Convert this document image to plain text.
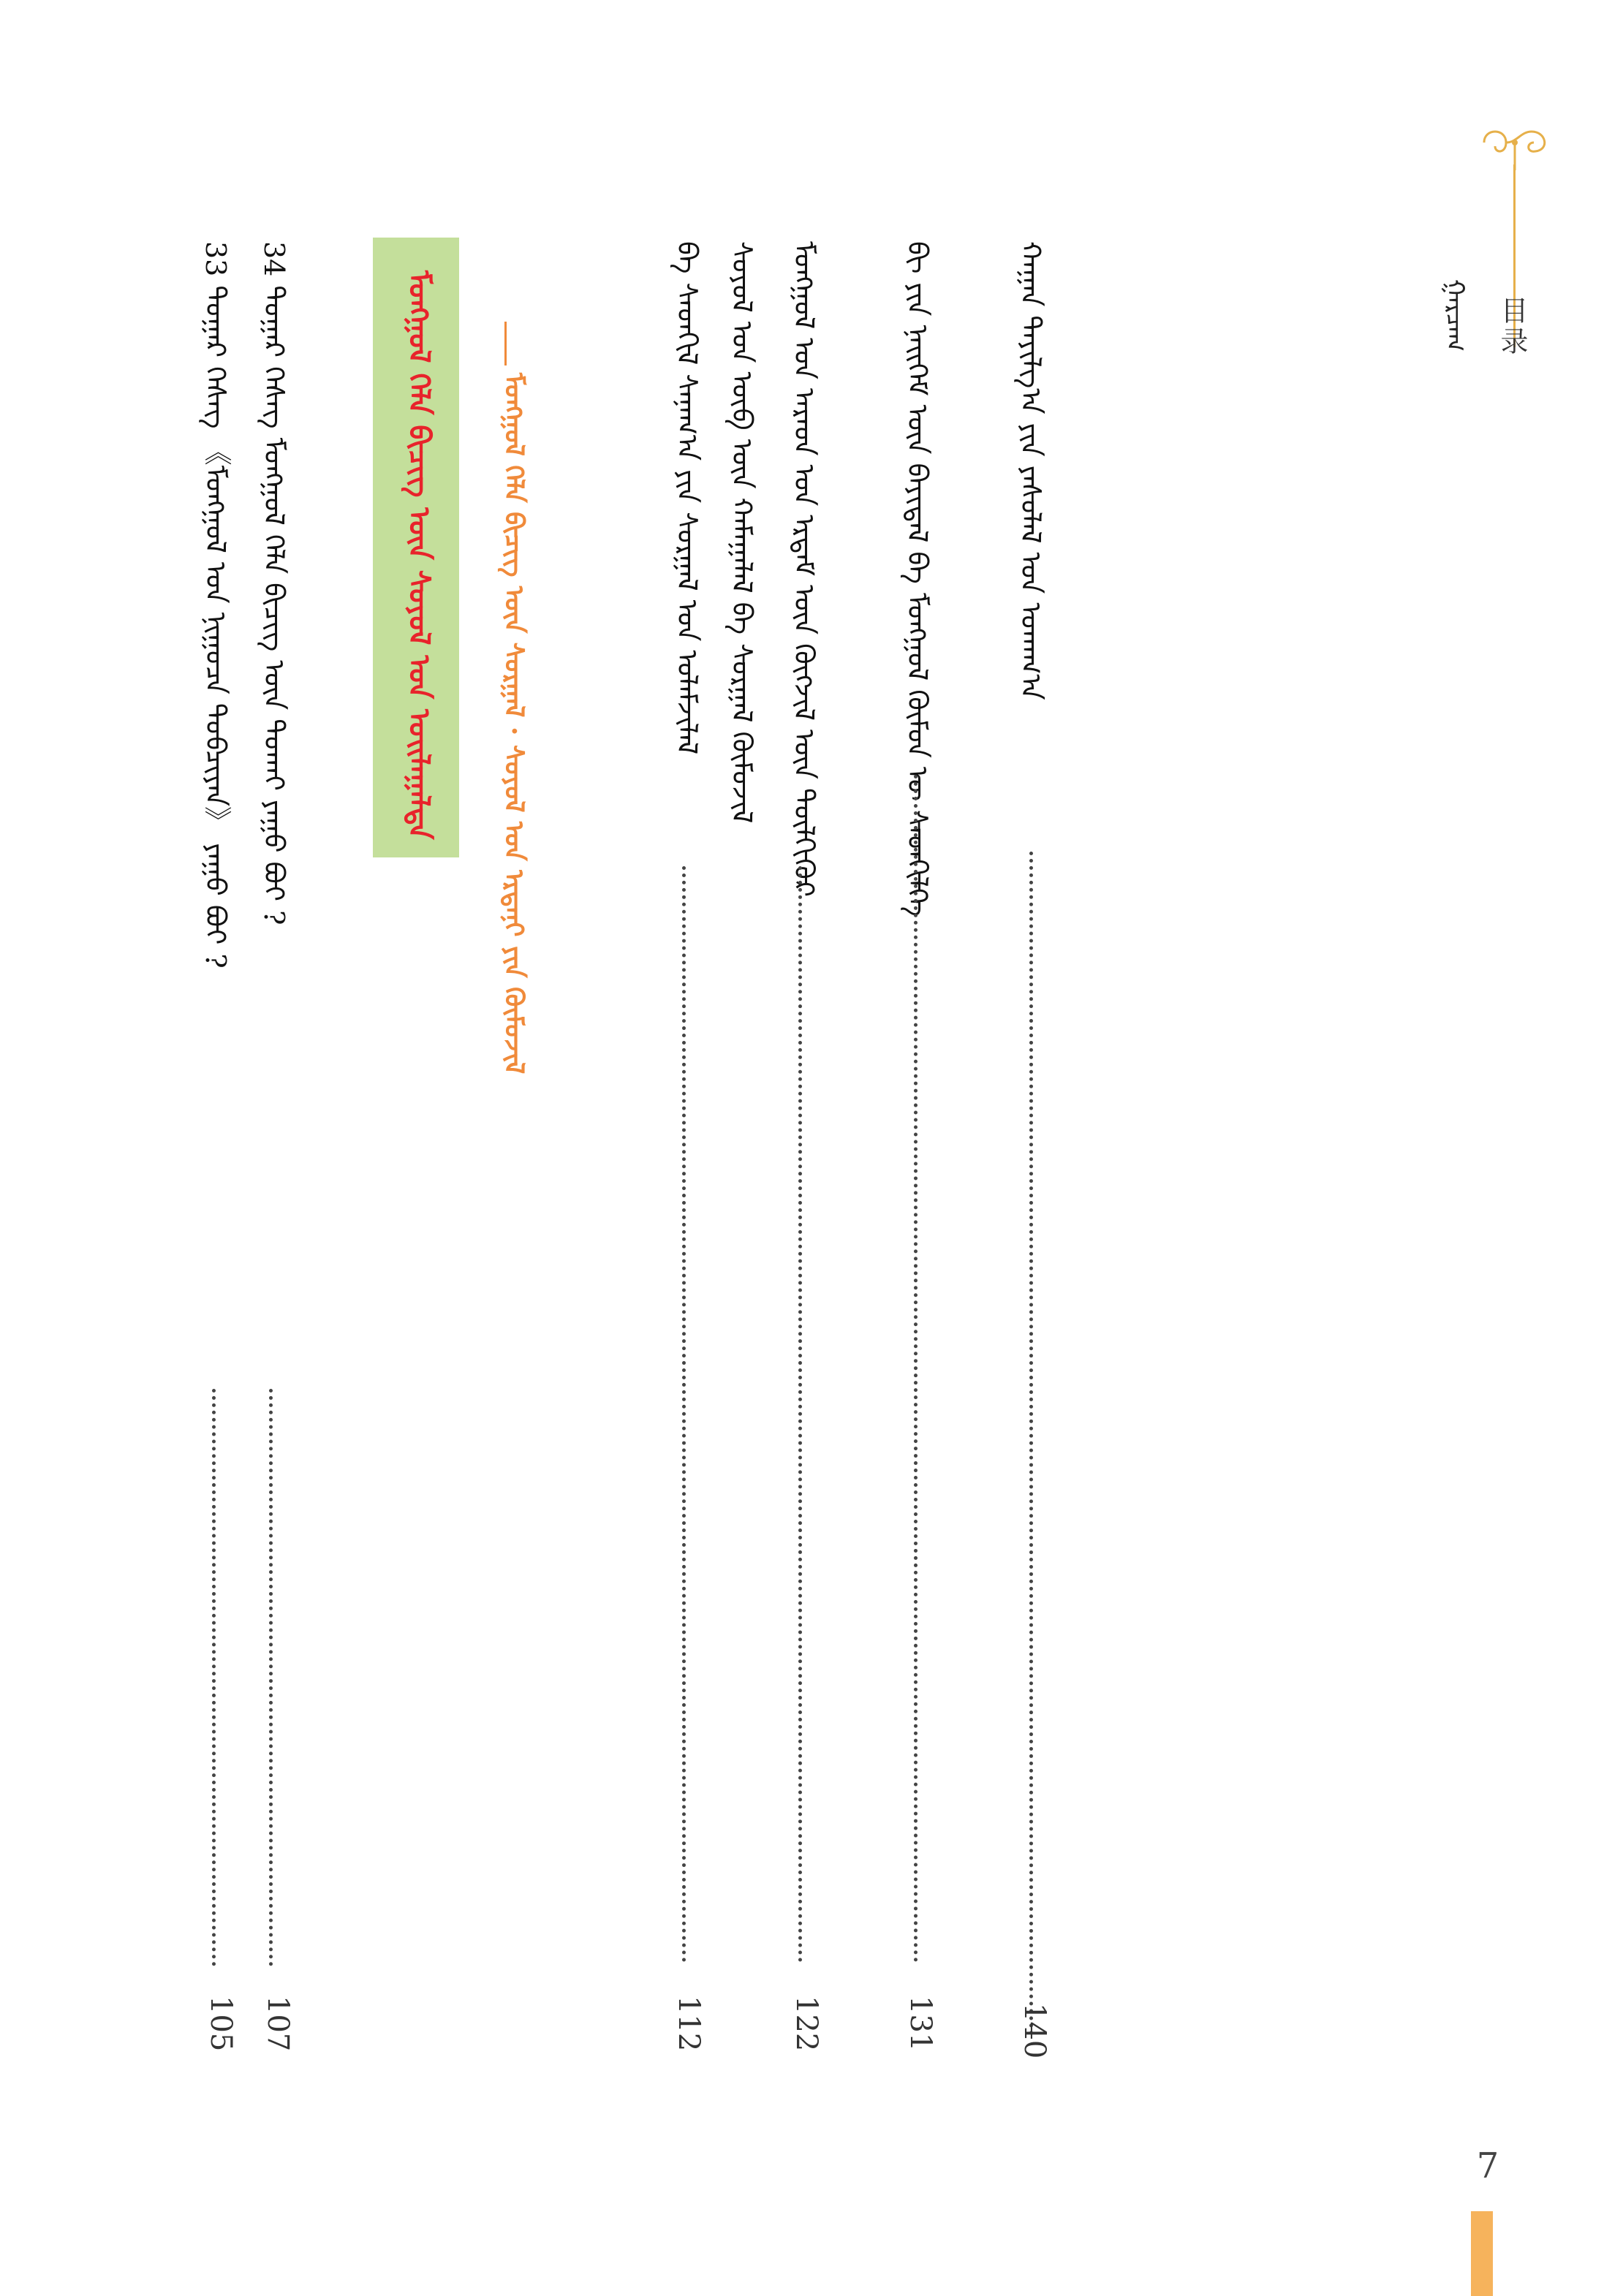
目录
ᠭᠠᠷᠴᠠᠭ
ᠬᠠᠭᠠᠨ ᠲᠠᠶᠢᠯᠭ᠎ᠠ ᠶᠢᠨ ᠶᠠᠰᠤᠯᠠᠯ ᠤᠨ ᠤᠬᠠᠭ᠎ᠠ
140
ᠪᠢ ᠶᠢᠨ ᠨᠡᠢᠭᠡᠮ ᠦᠨ ᠪᠠᠶᠢᠳᠠᠯ ᠪᠠ ᠮᠣᠩᠭᠣᠯ ᠬᠦᠮᠦᠨ ᠦ ᠰᠡᠳᠬᠢᠯᠭᠡ
131
ᠮᠣᠩᠭᠣᠯ ᠤᠨ ᠠᠷᠠᠳ ᠤᠨ ᠡᠷᠳᠡᠮ ᠦᠨ ᠬᠥᠭᠵᠢᠯ ᠦᠨ ᠲᠦᠯᠬᠢᠭᠦᠷ
122
ᠰᠣᠶᠣᠯ ᠤᠨ ᠥᠪ ᠦᠨ ᠬᠠᠮᠠᠭᠠᠯᠠᠯ ᠪᠠ ᠰᠤᠷᠭᠠᠯ ᠬᠥᠮᠦᠵᠢᠯ
ᠪᠠ ᠰᠡᠳᠬᠢᠯ ᠰᠠᠨᠠᠭ᠎ᠠ ᠶᠢᠨ ᠰᠤᠷᠭᠠᠯ ᠤᠨ ᠤᠯᠠᠮᠵᠢᠯᠠᠯ
112
ᠮᠣᠩᠭᠣᠯ ᠬᠡᠯᠡ ᠪᠢᠴᠢᠭ ᠦᠨ ᠰᠣᠶᠣᠯ ᠤᠨ ᠣᠢᠯᠠᠭᠠᠯᠲᠠ ᠮᠣᠩᠭᠣᠯ ᠬᠡᠯᠡ ᠪᠢᠴᠢᠭ ᠦᠨ ᠰᠤᠷᠭᠠᠯ · ᠰᠣᠶᠣᠯ ᠤᠨ ᠡᠷᠳᠡᠨᠢ ᠶᠢᠨ ᠬᠥᠮᠦᠵᠢᠯ
34 ᠳᠤᠭᠠᠷ ᠬᠡᠰᠡᠭ ᠮᠣᠩᠭᠣᠯ ᠬᠡᠯᠡ ᠪᠢᠴᠢᠭ ᠦᠨ ᠲᠤᠬᠠᠢ ᠶᠠᠭᠤ ᠪᠤᠢ ?
107
33 ᠳᠤᠭᠠᠷ ᠬᠡᠰᠡᠭ 《ᠮᠣᠩᠭᠣᠯ ᠤᠨ ᠨᠢᠭᠤᠴᠠ ᠲᠣᠪᠴᠢᠶᠠᠨ》 ᠶᠠᠭᠤ ᠪᠤᠢ ?
105
7
